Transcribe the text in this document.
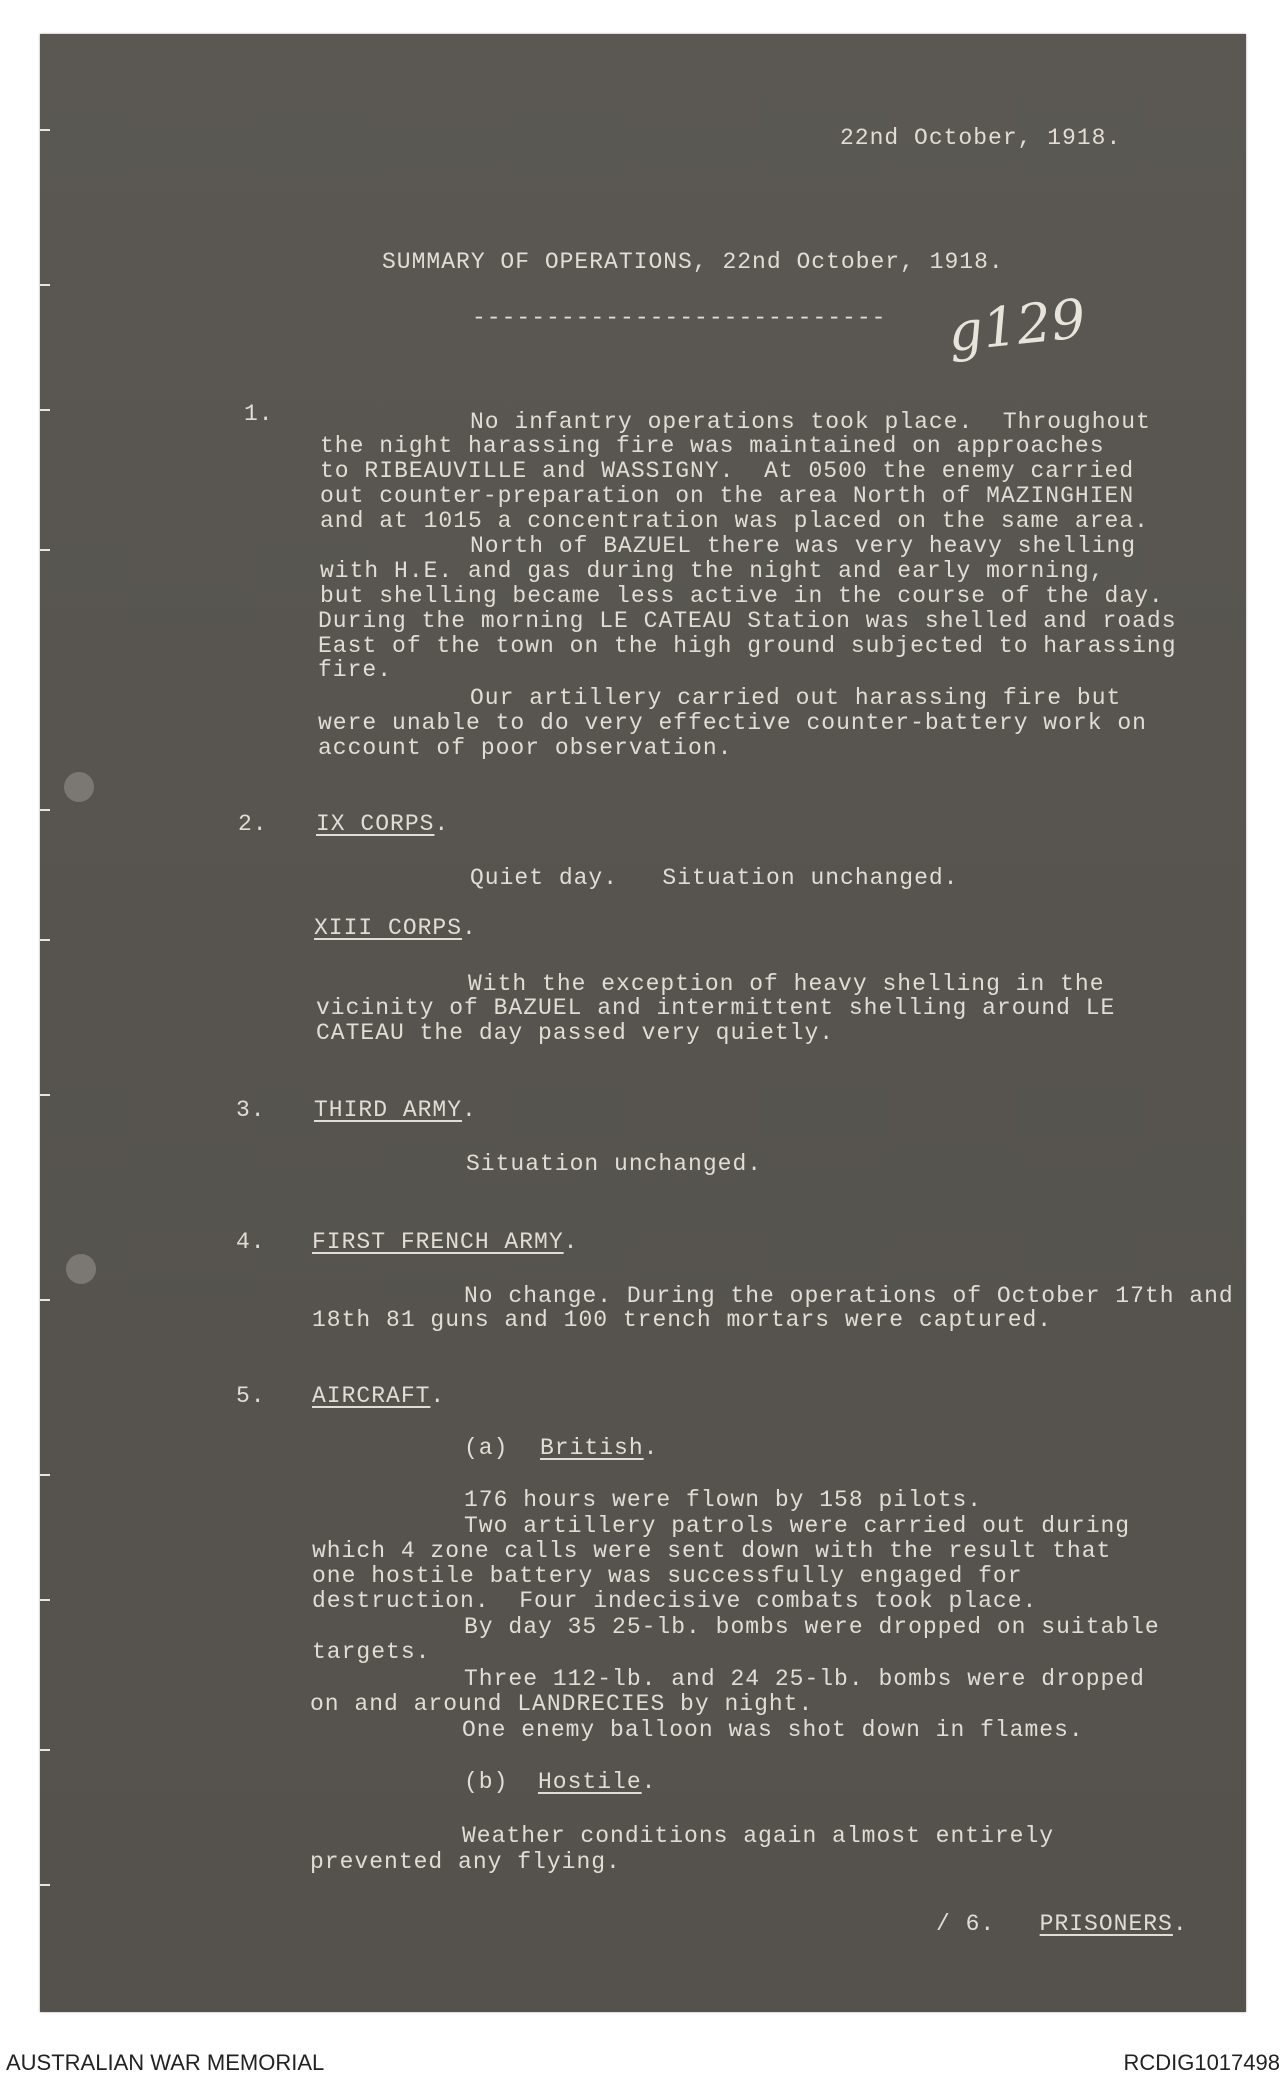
22nd October, 1918.
SUMMARY OF OPERATIONS, 22nd October, 1918.
---------------------------- g129
1.	No infantry operations took place.  Throughout
the night harassing fire was maintained on approaches
to RIBEAUVILLE and WASSIGNY.  At 0500 the enemy carried
out counter-preparation on the area North of MAZINGHIEN
and at 1015 a concentration was placed on the same area.
North of BAZUEL there was very heavy shelling
with H.E. and gas during the night and early morning,
but shelling became less active in the course of the day.
During the morning LE CATEAU Station was shelled and roads
East of the town on the high ground subjected to harassing
fire.
Our artillery carried out harassing fire but
were unable to do very effective counter-battery work on
account of poor observation.
2. IX CORPS.
Quiet day.   Situation unchanged.
XIII CORPS.
With the exception of heavy shelling in the
vicinity of BAZUEL and intermittent shelling around LE
CATEAU the day passed very quietly.
3. THIRD ARMY.
Situation unchanged.
4. FIRST FRENCH ARMY.
No change. During the operations of October 17th and
18th 81 guns and 100 trench mortars were captured.
5. AIRCRAFT.
(a) British.
176 hours were flown by 158 pilots.
Two artillery patrols were carried out during
which 4 zone calls were sent down with the result that
one hostile battery was successfully engaged for
destruction.  Four indecisive combats took place.
By day 35 25-lb. bombs were dropped on suitable
targets.
Three 112-lb. and 24 25-lb. bombs were dropped
on and around LANDRECIES by night.
One enemy balloon was shot down in flames.
(b) Hostile.
Weather conditions again almost entirely
prevented any flying.
/ 6. PRISONERS.
AUSTRALIAN WAR MEMORIAL	RCDIG1017498
